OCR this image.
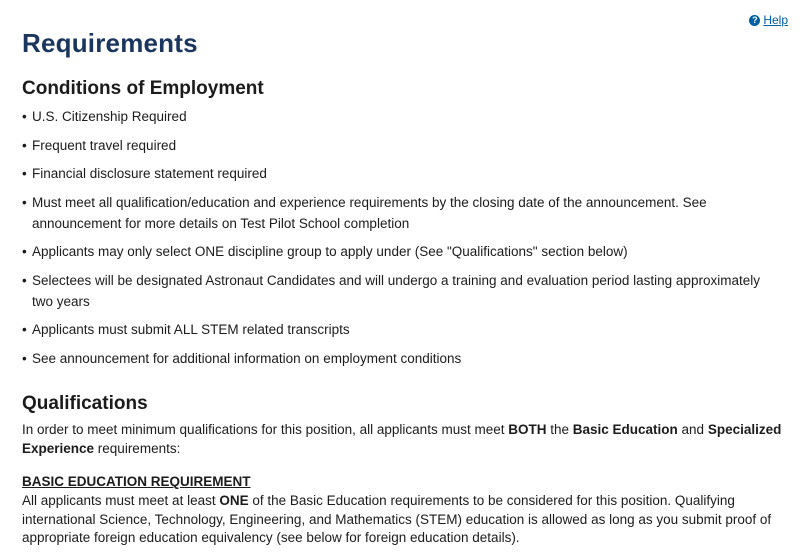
? Help
Requirements
Conditions of Employment
• U.S. Citizenship Required
• Frequent travel required
• Financial disclosure statement required
• Must meet all qualification/education and experience requirements by the closing date of the announcement. See announcement for more details on Test Pilot School completion
• Applicants may only select ONE discipline group to apply under (See "Qualifications" section below)
• Selectees will be designated Astronaut Candidates and will undergo a training and evaluation period lasting approximately two years
• Applicants must submit ALL STEM related transcripts
• See announcement for additional information on employment conditions
Qualifications

In order to meet minimum qualifications for this position, all applicants must meet BOTH the Basic Education and Specialized Experience requirements:

BASIC EDUCATION REQUIREMENT

All applicants must meet at least ONE of the Basic Education requirements to be considered for this position. Qualifying international Science, Technology, Engineering, and Mathematics (STEM) education is allowed as long as you submit proof of appropriate foreign education equivalency (see below for foreign education details).
